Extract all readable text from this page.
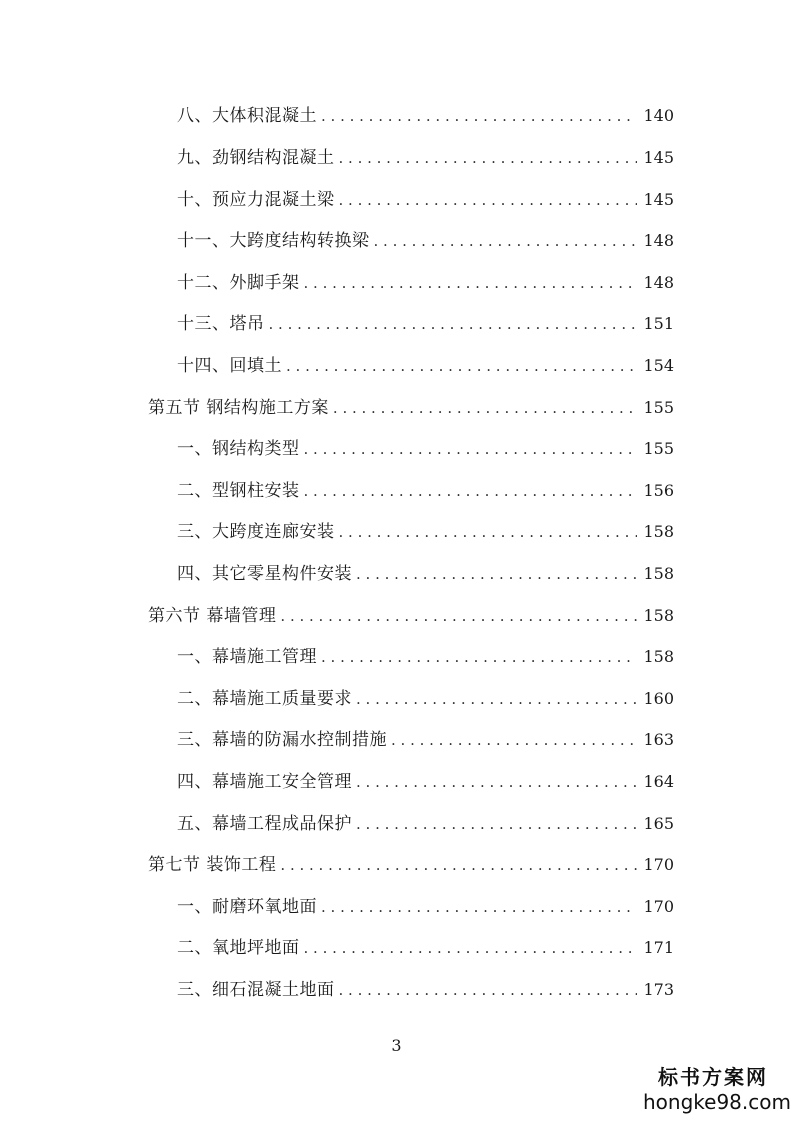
八、大体积混凝土 . . .	140
九、劲钢结构混凝土 . . .	145
十、预应力混凝土梁 . . .	145
十一、大跨度结构转换梁 . . .	148
十二、外脚手架 . . .	148
十三、塔吊 . . .	151
十四、回填土 . . .	154
第五节 钢结构施工方案 . . .	155
一、钢结构类型 . . .	155
二、型钢柱安装 . . .	156
三、大跨度连廊安装 . . .	158
四、其它零星构件安装 . . .	158
第六节 幕墙管理 . . .	158
一、幕墙施工管理 . . .	158
二、幕墙施工质量要求 . . .	160
三、幕墙的防漏水控制措施 . . .	163
四、幕墙施工安全管理 . . .	164
五、幕墙工程成品保护 . . .	165
第七节 装饰工程 . . .	170
一、耐磨环氧地面 . . .	170
二、氧地坪地面 . . .	171
三、细石混凝土地面 . . .	173
3
标书方案网
hongke98.com
